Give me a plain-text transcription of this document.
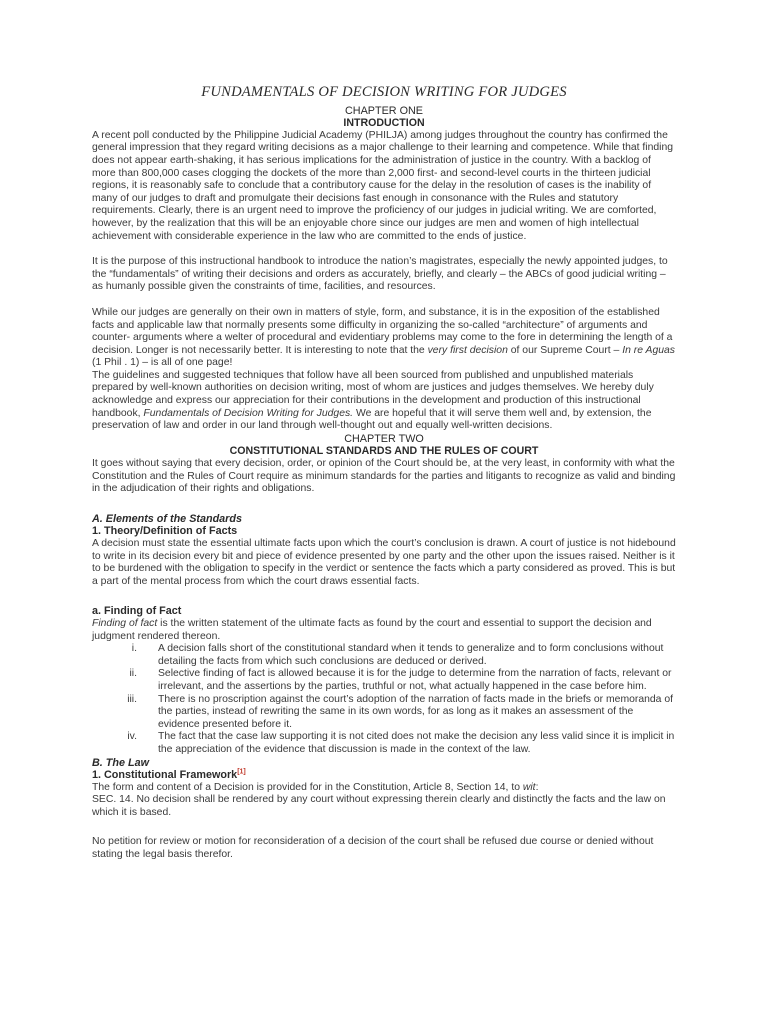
FUNDAMENTALS OF DECISION WRITING FOR JUDGES
CHAPTER ONE
INTRODUCTION

A recent poll conducted by the Philippine Judicial Academy (PHILJA) among judges throughout the country has confirmed the general impression that they regard writing decisions as a major challenge to their learning and competence. While that finding does not appear earth-shaking, it has serious implications for the administration of justice in the country. With a backlog of more than 800,000 cases clogging the dockets of the more than 2,000 first- and second-level courts in the thirteen judicial regions, it is reasonably safe to conclude that a contributory cause for the delay in the resolution of cases is the inability of many of our judges to draft and promulgate their decisions fast enough in consonance with the Rules and statutory requirements. Clearly, there is an urgent need to improve the proficiency of our judges in judicial writing. We are comforted, however, by the realization that this will be an enjoyable chore since our judges are men and women of high intellectual achievement with considerable experience in the law who are committed to the ends of justice.

It is the purpose of this instructional handbook to introduce the nation’s magistrates, especially the newly appointed judges, to the “fundamentals” of writing their decisions and orders as accurately, briefly, and clearly – the ABCs of good judicial writing – as humanly possible given the constraints of time, facilities, and resources.

While our judges are generally on their own in matters of style, form, and substance, it is in the exposition of the established facts and applicable law that normally presents some difficulty in organizing the so-called “architecture” of arguments and counter- arguments where a welter of procedural and evidentiary problems may come to the fore in determining the length of a decision. Longer is not necessarily better. It is interesting to note that the very first decision of our Supreme Court – In re Aguas (1 Phil . 1) – is all of one page!

The guidelines and suggested techniques that follow have all been sourced from published and unpublished materials prepared by well-known authorities on decision writing, most of whom are justices and judges themselves. We hereby duly acknowledge and express our appreciation for their contributions in the development and production of this instructional handbook, Fundamentals of Decision Writing for Judges. We are hopeful that it will serve them well and, by extension, the preservation of law and order in our land through well-thought out and equally well-written decisions.

CHAPTER TWO
CONSTITUTIONAL STANDARDS AND THE RULES OF COURT

It goes without saying that every decision, order, or opinion of the Court should be, at the very least, in conformity with what the Constitution and the Rules of Court require as minimum standards for the parties and litigants to recognize as valid and binding in the adjudication of their rights and obligations.

A. Elements of the Standards
1. Theory/Definition of Facts

A decision must state the essential ultimate facts upon which the court’s conclusion is drawn. A court of justice is not hidebound to write in its decision every bit and piece of evidence presented by one party and the other upon the issues raised. Neither is it to be burdened with the obligation to specify in the verdict or sentence the facts which a party considered as proved. This is but a part of the mental process from which the court draws essential facts.

a. Finding of Fact

Finding of fact is the written statement of the ultimate facts as found by the court and essential to support the decision and judgment rendered thereon.

i. A decision falls short of the constitutional standard when it tends to generalize and to form conclusions without detailing the facts from which such conclusions are deduced or derived.
ii. Selective finding of fact is allowed because it is for the judge to determine from the narration of facts, relevant or irrelevant, and the assertions by the parties, truthful or not, what actually happened in the case before him.
iii. There is no proscription against the court’s adoption of the narration of facts made in the briefs or memoranda of the parties, instead of rewriting the same in its own words, for as long as it makes an assessment of the evidence presented before it.
iv. The fact that the case law supporting it is not cited does not make the decision any less valid since it is implicit in the appreciation of the evidence that discussion is made in the context of the law.
B. The Law
1. Constitutional Framework[1]

The form and content of a Decision is provided for in the Constitution, Article 8, Section 14, to wit:

SEC. 14. No decision shall be rendered by any court without expressing therein clearly and distinctly the facts and the law on which it is based.

No petition for review or motion for reconsideration of a decision of the court shall be refused due course or denied without stating the legal basis therefor.
